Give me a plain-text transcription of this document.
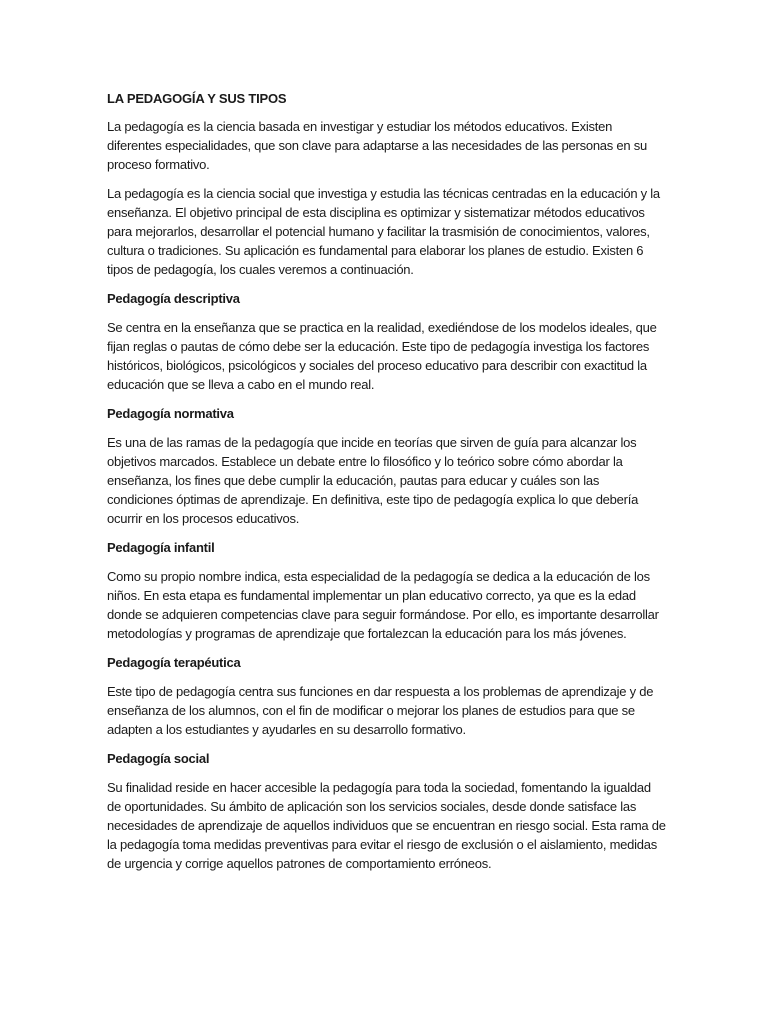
LA PEDAGOGÍA Y SUS TIPOS

La pedagogía es la ciencia basada en investigar y estudiar los métodos educativos. Existen diferentes especialidades, que son clave para adaptarse a las necesidades de las personas en su proceso formativo.

La pedagogía es la ciencia social que investiga y estudia las técnicas centradas en la educación y la enseñanza. El objetivo principal de esta disciplina es optimizar y sistematizar métodos educativos para mejorarlos, desarrollar el potencial humano y facilitar la trasmisión de conocimientos, valores, cultura o tradiciones. Su aplicación es fundamental para elaborar los planes de estudio. Existen 6 tipos de pedagogía, los cuales veremos a continuación.

Pedagogía descriptiva

Se centra en la enseñanza que se practica en la realidad, exediéndose de los modelos ideales, que fijan reglas o pautas de cómo debe ser la educación. Este tipo de pedagogía investiga los factores históricos, biológicos, psicológicos y sociales del proceso educativo para describir con exactitud la educación que se lleva a cabo en el mundo real.

Pedagogía normativa

Es una de las ramas de la pedagogía que incide en teorías que sirven de guía para alcanzar los objetivos marcados. Establece un debate entre lo filosófico y lo teórico sobre cómo abordar la enseñanza, los fines que debe cumplir la educación, pautas para educar y cuáles son las condiciones óptimas de aprendizaje. En definitiva, este tipo de pedagogía explica lo que debería ocurrir en los procesos educativos.

Pedagogía infantil

Como su propio nombre indica, esta especialidad de la pedagogía se dedica a la educación de los niños. En esta etapa es fundamental implementar un plan educativo correcto, ya que es la edad donde se adquieren competencias clave para seguir formándose. Por ello, es importante desarrollar metodologías y programas de aprendizaje que fortalezcan la educación para los más jóvenes.

Pedagogía terapéutica

Este tipo de pedagogía centra sus funciones en dar respuesta a los problemas de aprendizaje y de enseñanza de los alumnos, con el fin de modificar o mejorar los planes de estudios para que se adapten a los estudiantes y ayudarles en su desarrollo formativo.

Pedagogía social

Su finalidad reside en hacer accesible la pedagogía para toda la sociedad, fomentando la igualdad de oportunidades. Su ámbito de aplicación son los servicios sociales, desde donde satisface las necesidades de aprendizaje de aquellos individuos que se encuentran en riesgo social. Esta rama de la pedagogía toma medidas preventivas para evitar el riesgo de exclusión o el aislamiento, medidas de urgencia y corrige aquellos patrones de comportamiento erróneos.
